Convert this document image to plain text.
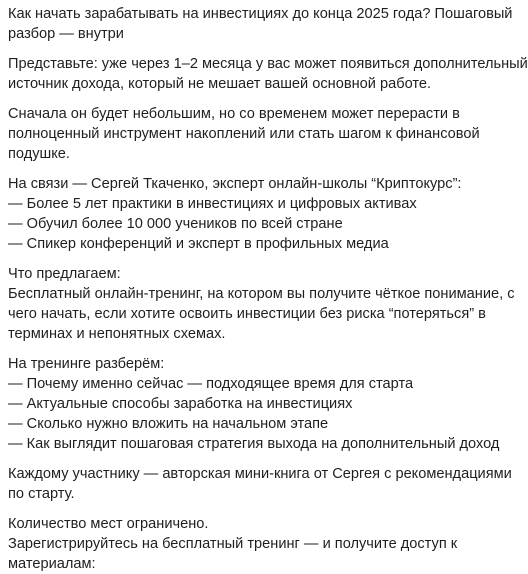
Как начать зарабатывать на инвестициях до конца 2025 года? Пошаговый
разбор — внутри

Представьте: уже через 1–2 месяца у вас может появиться дополнительный
источник дохода, который не мешает вашей основной работе.

Сначала он будет небольшим, но со временем может перерасти в
полноценный инструмент накоплений или стать шагом к финансовой
подушке.

На связи — Сергей Ткаченко, эксперт онлайн-школы “Криптокурс”:
— Более 5 лет практики в инвестициях и цифровых активах
— Обучил более 10 000 учеников по всей стране
— Спикер конференций и эксперт в профильных медиа

Что предлагаем:
Бесплатный онлайн-тренинг, на котором вы получите чёткое понимание, с
чего начать, если хотите освоить инвестиции без риска “потеряться” в
терминах и непонятных схемах.

На тренинге разберём:
— Почему именно сейчас — подходящее время для старта
— Актуальные способы заработка на инвестициях
— Сколько нужно вложить на начальном этапе
— Как выглядит пошаговая стратегия выхода на дополнительный доход

Каждому участнику — авторская мини-книга от Сергея с рекомендациями
по старту.

Количество мест ограничено.
Зарегистрируйтесь на бесплатный тренинг — и получите доступ к
материалам:
